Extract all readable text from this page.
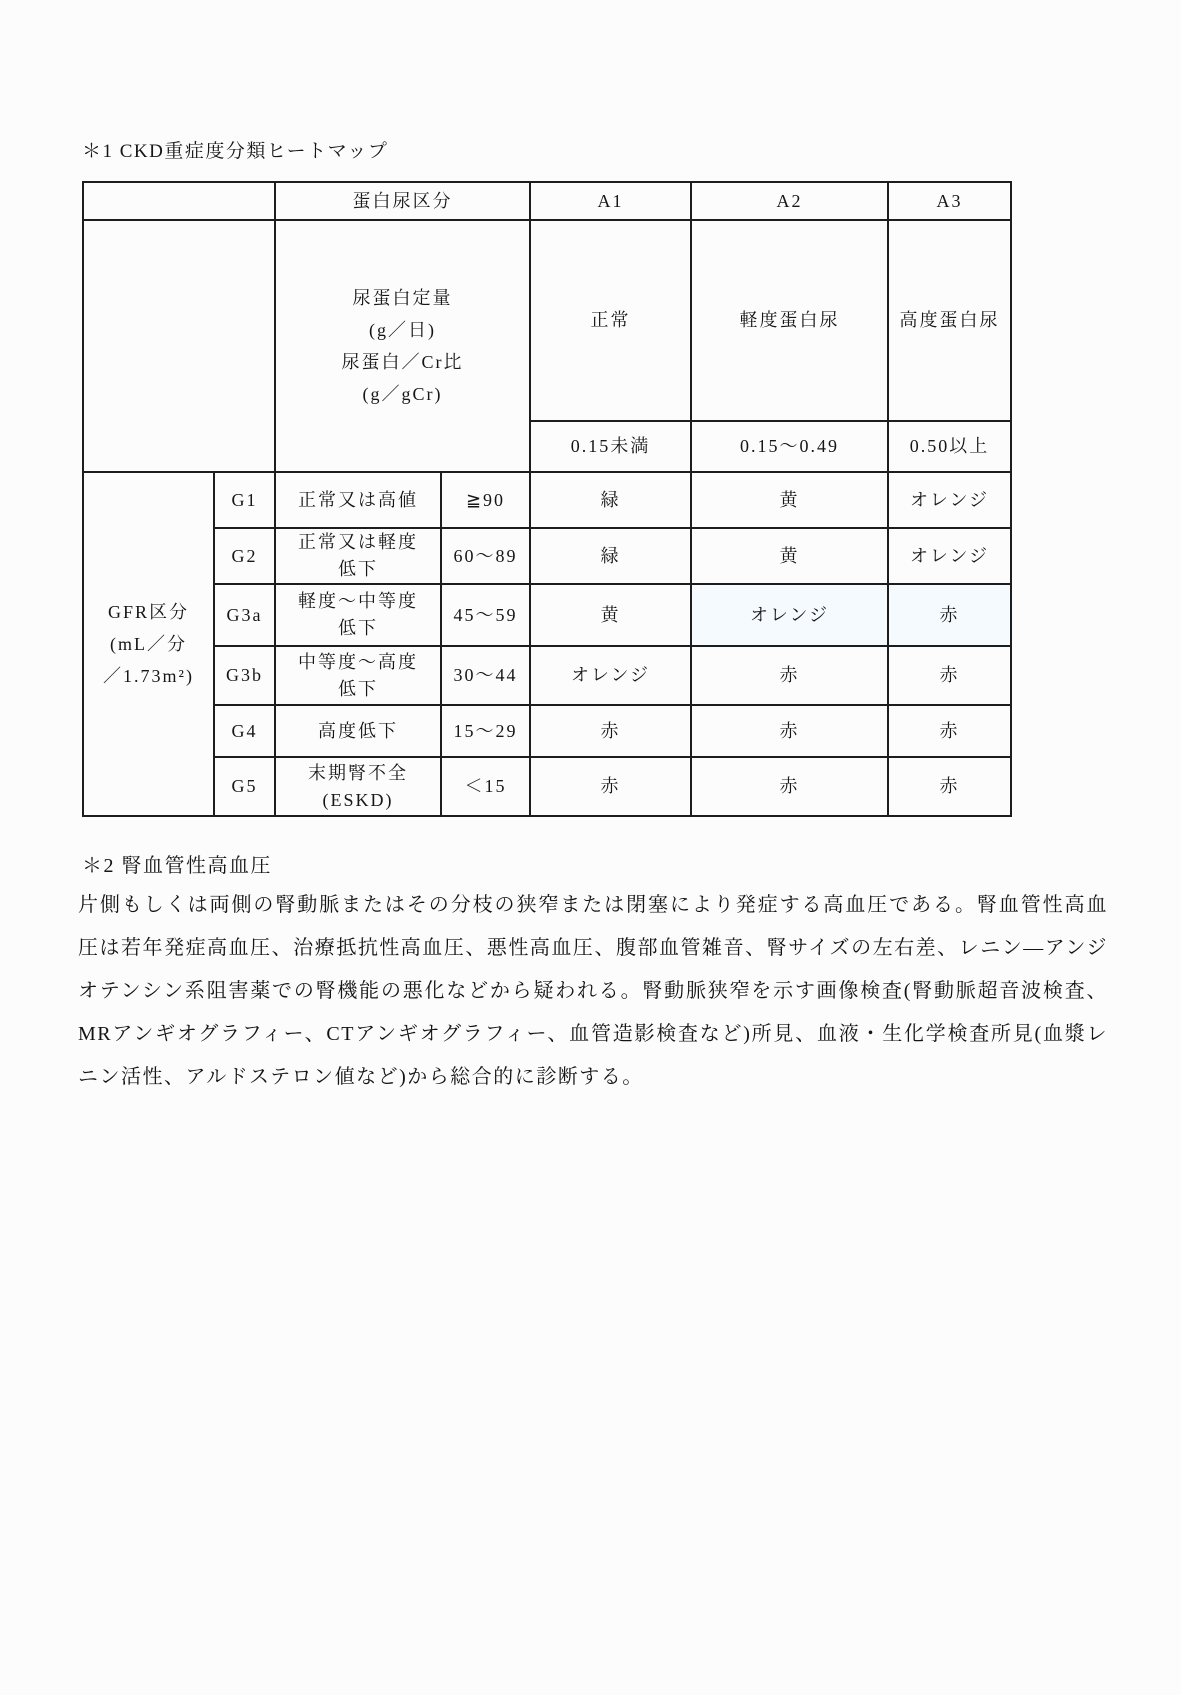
＊1 CKD重症度分類ヒートマップ
		蛋白尿区分		A1	A2	A3

		尿蛋白定量
(g／日)
尿蛋白／Cr比
(g／gCr)		正常	軽度蛋白尿	高度蛋白尿
				0.15未満	0.15〜0.49	0.50以上

GFR区分
(mL／分
／1.73m²)	G1	正常又は高値	≧90	緑	黄	オレンジ
	G2	正常又は軽度
低下	60〜89	緑	黄	オレンジ
	G3a	軽度〜中等度
低下	45〜59	黄	オレンジ	赤
	G3b	中等度〜高度
低下	30〜44	オレンジ	赤	赤
	G4	高度低下	15〜29	赤	赤	赤
	G5	末期腎不全
(ESKD)	＜15	赤	赤	赤
＊2 腎血管性高血圧
片側もしくは両側の腎動脈またはその分枝の狭窄または閉塞により発症する高血圧である。腎血管性高血圧は若年発症高血圧、治療抵抗性高血圧、悪性高血圧、腹部血管雑音、腎サイズの左右差、レニン―アンジオテンシン系阻害薬での腎機能の悪化などから疑われる。腎動脈狭窄を示す画像検査(腎動脈超音波検査、MRアンギオグラフィー、CTアンギオグラフィー、血管造影検査など)所見、血液・生化学検査所見(血漿レニン活性、アルドステロン値など)から総合的に診断する。
